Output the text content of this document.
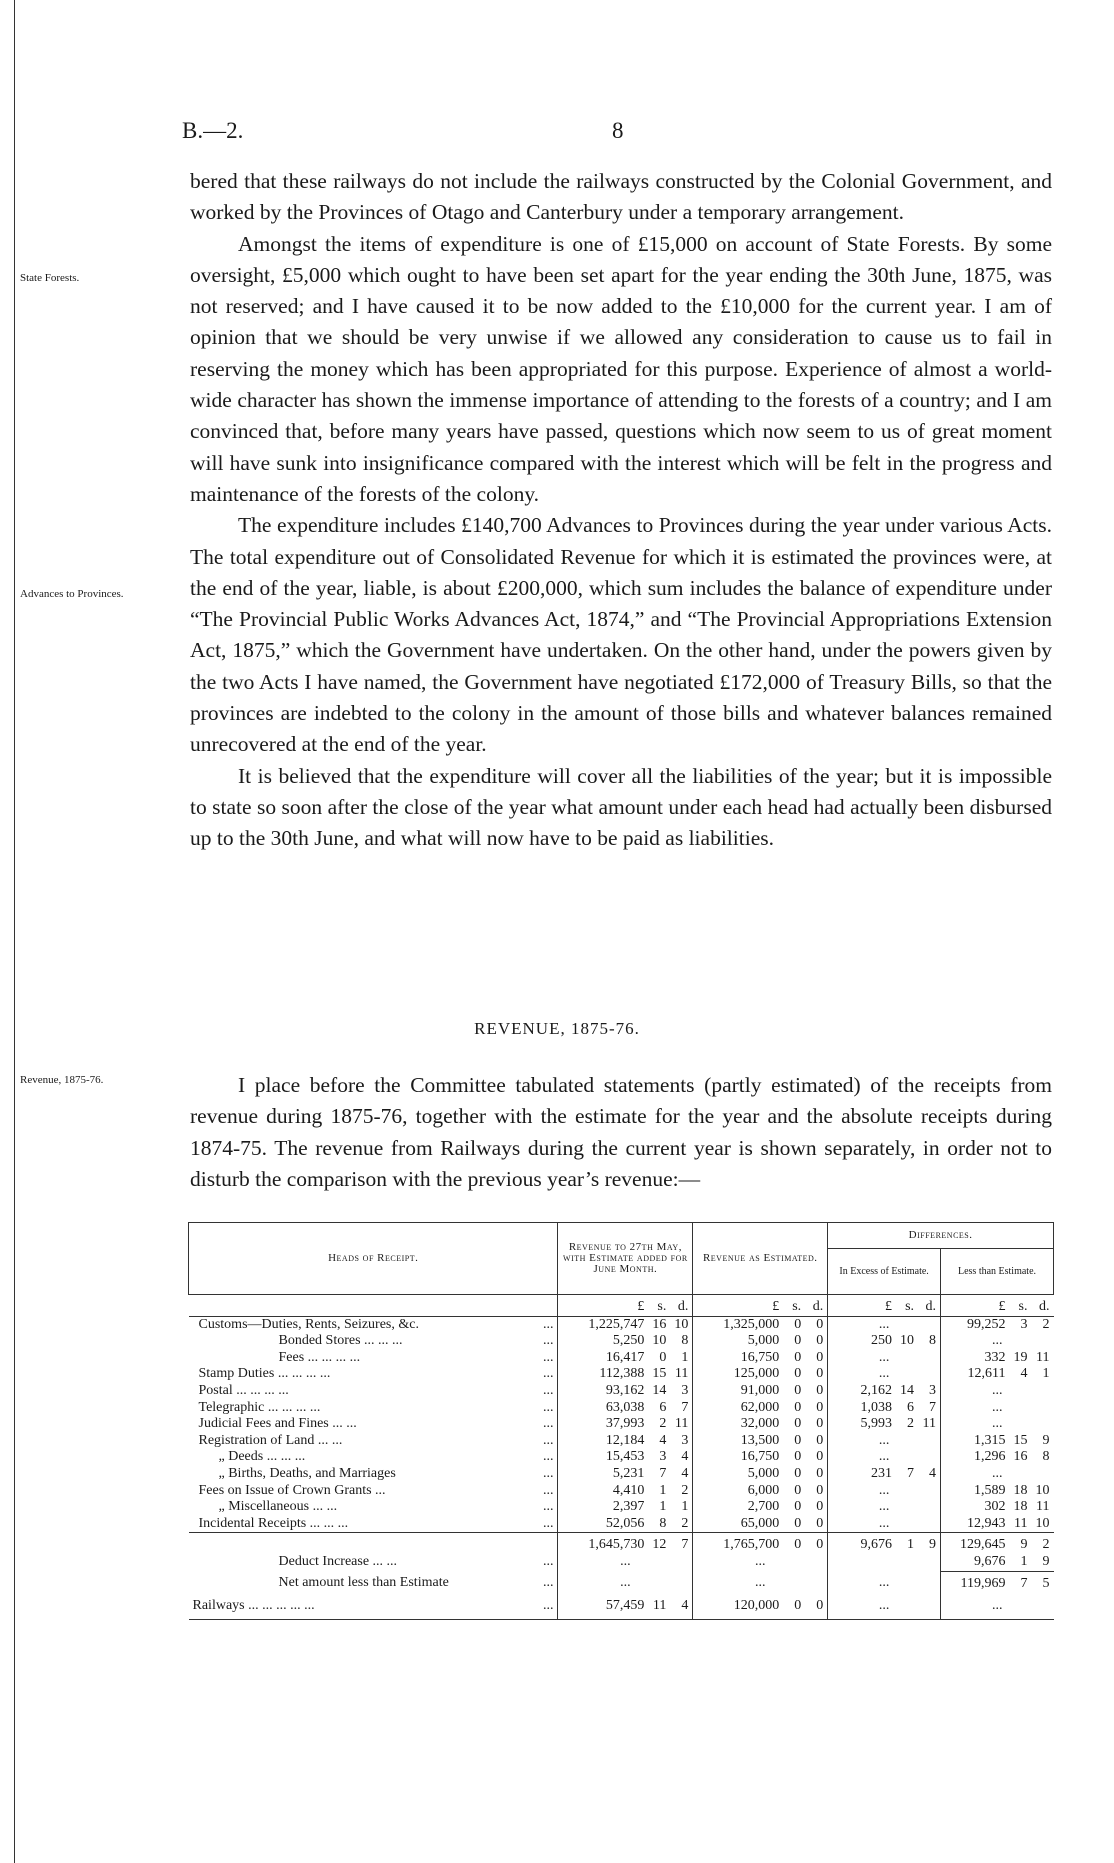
B.—2.	8
State Forests.
Advances to Provinces.
Revenue, 1875-76.

bered that these railways do not include the railways constructed by the Colonial Government, and worked by the Provinces of Otago and Canterbury under a temporary arrangement.

Amongst the items of expenditure is one of £15,000 on account of State Forests. By some oversight, £5,000 which ought to have been set apart for the year ending the 30th June, 1875, was not reserved; and I have caused it to be now added to the £10,000 for the current year. I am of opinion that we should be very unwise if we allowed any consideration to cause us to fail in reserving the money which has been appropriated for this purpose. Experience of almost a world-wide character has shown the immense importance of attending to the forests of a country; and I am convinced that, before many years have passed, questions which now seem to us of great moment will have sunk into insignificance compared with the interest which will be felt in the progress and maintenance of the forests of the colony.

The expenditure includes £140,700 Advances to Provinces during the year under various Acts. The total expenditure out of Consolidated Revenue for which it is estimated the provinces were, at the end of the year, liable, is about £200,000, which sum includes the balance of expenditure under “The Provincial Public Works Advances Act, 1874,” and “The Provincial Appropriations Extension Act, 1875,” which the Government have undertaken. On the other hand, under the powers given by the two Acts I have named, the Government have negotiated £172,000 of Treasury Bills, so that the provinces are indebted to the colony in the amount of those bills and whatever balances remained unrecovered at the end of the year.

It is believed that the expenditure will cover all the liabilities of the year; but it is impossible to state so soon after the close of the year what amount under each head had actually been disbursed up to the 30th June, and what will now have to be paid as liabilities.

REVENUE, 1875-76.

I place before the Committee tabulated statements (partly estimated) of the receipts from revenue during 1875-76, together with the estimate for the year and the absolute receipts during 1874-75. The revenue from Railways during the current year is shown separately, in order not to disturb the comparison with the previous year’s revenue:—

Heads of Receipt.	Revenue to 27th May, with Estimate added for June Month.	Revenue as Estimated.	Differences.	
			In Excess of Estimate.	Less than Estimate.
	£ s. d.	£ s. d.	£ s. d.	£ s. d.
Customs—Duties, Rents, Seizures, &c. ...	1,225,747 16 10	1,325,000 0 0	...	99,252 3 2
Bonded Stores ... ... ... ...	5,250 10 8	5,000 0 0	250 10 8	...
Fees ... ... ... ... ...	16,417 0 1	16,750 0 0	...	332 19 11
Stamp Duties ... ... ... ... ...	112,388 15 11	125,000 0 0	...	12,611 4 1
Postal ... ... ... ... ...	93,162 14 3	91,000 0 0	2,162 14 3	...
Telegraphic ... ... ... ... ...	63,038 6 7	62,000 0 0	1,038 6 7	...
Judicial Fees and Fines ... ... ...	37,993 2 11	32,000 0 0	5,993 2 11	...
Registration of Land ... ... ...	12,184 4 3	13,500 0 0	...	1,315 15 9
„ Deeds ... ... ... ...	15,453 3 4	16,750 0 0	...	1,296 16 8
„ Births, Deaths, and Marriages ...	5,231 7 4	5,000 0 0	231 7 4	...
Fees on Issue of Crown Grants ... ...	4,410 1 2	6,000 0 0	...	1,589 18 10
„ Miscellaneous ... ... ...	2,397 1 1	2,700 0 0	...	302 18 11
Incidental Receipts ... ... ... ...	52,056 8 2	65,000 0 0	...	12,943 11 10
	1,645,730 12 7	1,765,700 0 0	9,676 1 9	129,645 9 2
Deduct Increase ... ... ...	...	...		9,676 1 9
Net amount less than Estimate ...	...	...	...	119,969 7 5
Railways ... ... ... ... ... ...	57,459 11 4	120,000 0 0	...	...
